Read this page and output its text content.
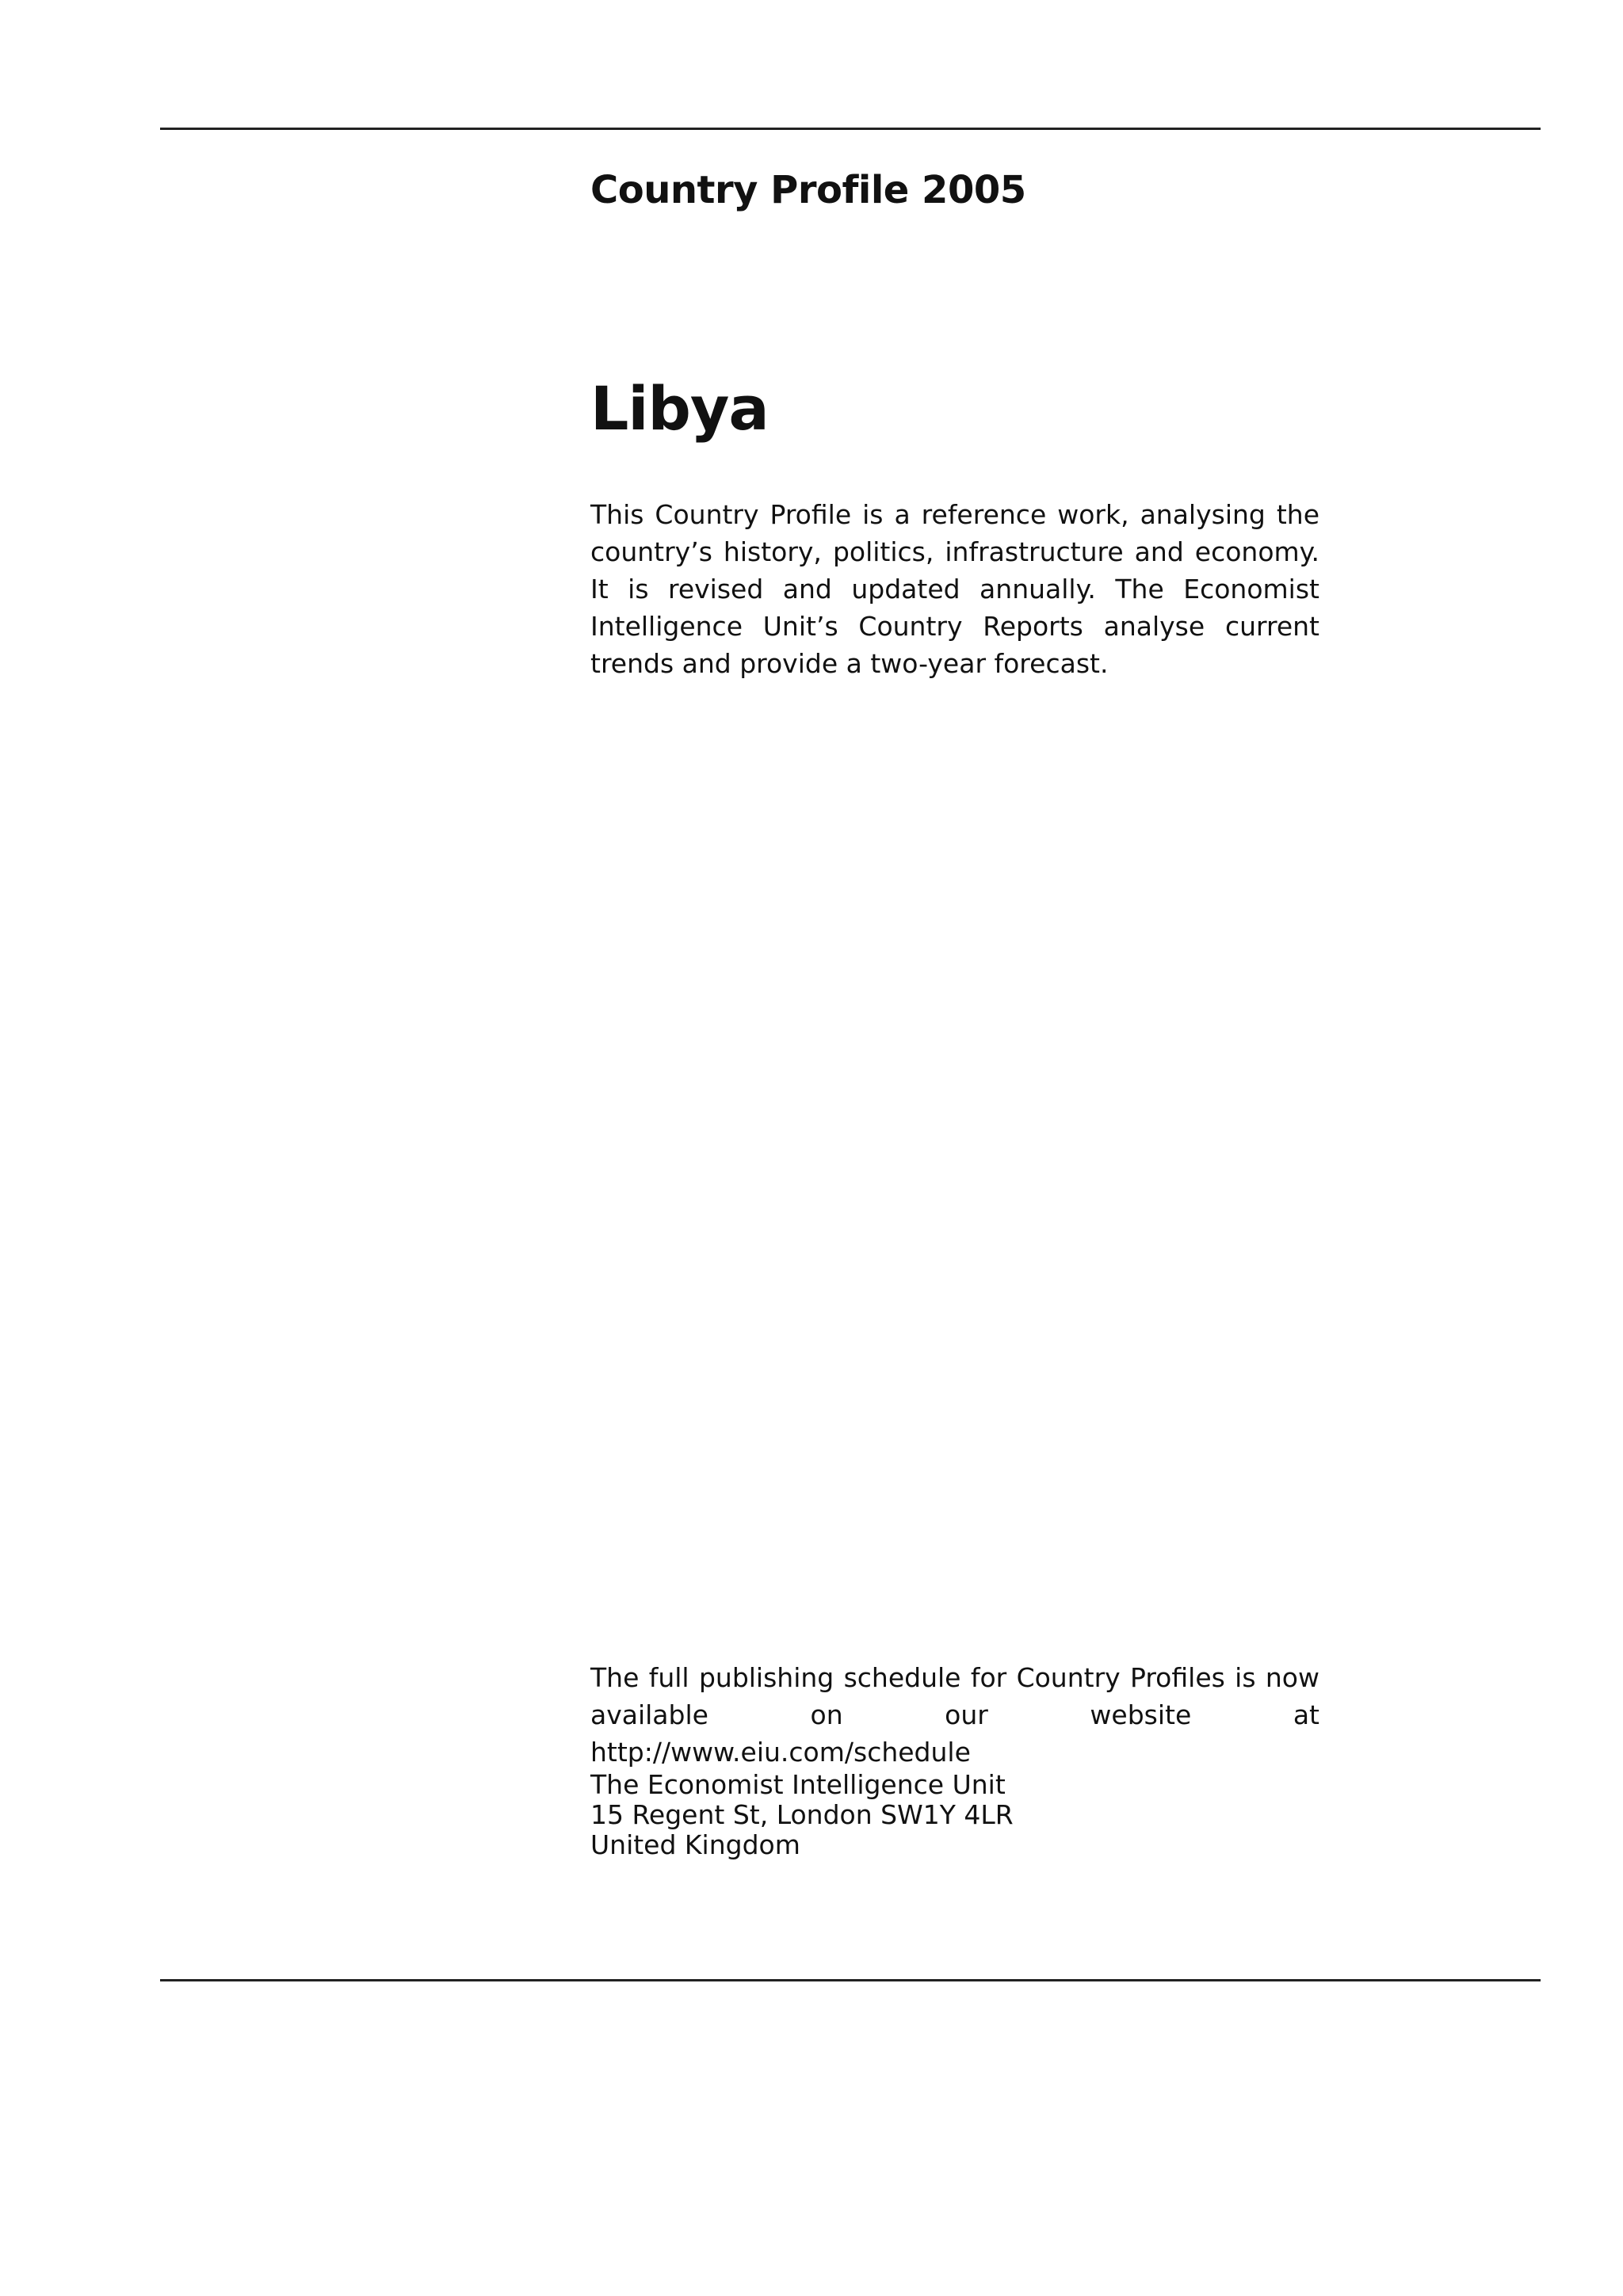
Country Profile 2005
Libya

This Country Profile is a reference work, analysing the country’s history, politics, infrastructure and economy. It is revised and updated annually. The Economist Intelligence Unit’s Country Reports analyse current trends and provide a two-year forecast.

The full publishing schedule for Country Profiles is now available on our website at http://www.eiu.com/schedule

The Economist Intelligence Unit
15 Regent St, London SW1Y 4LR
United Kingdom
